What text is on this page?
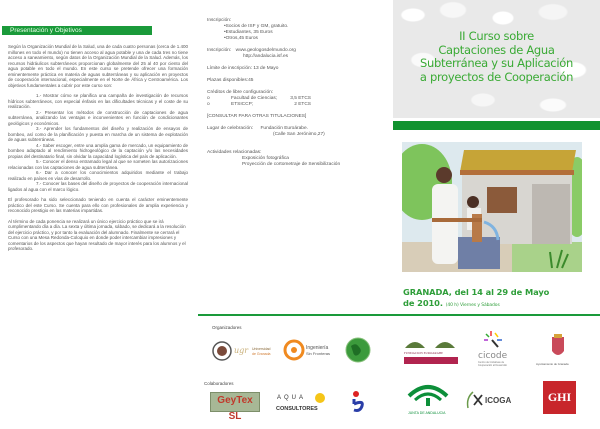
Presentación y Objetivos

Según la Organización Mundial de la Salud, una de cada cuatro personas (cerca de 1.400 millones en todo el mundo) no tienen acceso al agua potable y una de cada tres no tiene acceso a saneamiento, según datos de la Organización Mundial de la Salud. Además, los recursos hidráulicos subterráneos proporcionan globalmente del 25 al 40 por ciento del agua potable en todo el mundo. En este curso se pretende ofrecer una formación eminentemente práctica en materia de aguas subterráneas y su aplicación en proyectos de cooperación internacional, especialmente en el Norte de África y Centroamérica. Los objetivos fundamentales a cubrir por este curso son:

1.- Mostrar cómo se planifica una campaña de investigación de recursos hídricos subterráneos, con especial énfasis en las dificultades técnicas y el coste de su realización.

2.- Presentar los métodos de construcción de captaciones de agua subterránea, analizando las ventajas e inconvenientes en función de condicionantes geológicos y económicos.

3.- Aprender los fundamentos del diseño y realización de ensayos de bombeo, así como de la planificación y puesta en marcha de un sistema de explotación de aguas subterráneas.

4.- Saber escoger, entre una amplia gama de mercado, un equipamiento de bombeo adaptado al rendimiento hidrogeológico de la captación y/o las necesidades propias del destinatario final, sin olvidar la capacidad logística del país de aplicación.

5.- Conocer el denso entramado legal al que se someten las autorizaciones relacionadas con las captaciones de agua subterránea.

6.- Dar a conocer los conocimientos adquiridos mediante el trabajo realizado en países en vías de desarrollo.

7.- Conocer las bases del diseño de proyectos de cooperación internacional ligados al agua con el marco lógico.

El profesorado ha sido seleccionado teniendo en cuenta el carácter eminentemente práctico del este Curso. Se cuenta para ello con profesionales de amplia experiencia y reconocido prestigio en las materias impartidas.

Al término de cada ponencia se realizará un único ejercicio práctico que se irá cumplimentando día a día. La sexta y última jornada, sábado, se dedicará a la resolución del ejercicio práctico, y por tanto la evaluación del alumnado. Finalmente se cerrará el Curso con una Mesa Redonda-Coloquio en donde poder intercambiar impresiones y comentarios de los aspectos que hayan resultado de mayor interés para los alumnos y el profesorado.

Inscripción:
•Socios de ISF y GM, gratuito.
•Estudiantes, 35 Euros
•Otros,45 Euros
Inscripción: www.geologosdelmundo.org
http://andalucia.isf.es
Límite de inscripción: 13 de Mayo
Plazas disponibles:45
Créditos de libre configuración:
o	Facultad de Ciencias;	3,5 ETCS
o	ETSICCP;	2 ETCS
[CONSULTAR PARA OTRAS TITULACIONES]
Lugar de celebración: Fundación Euroárabe.
(Calle San Jerónimo,27)
Actividades relacionadas:
Exposición fotográfica
Proyección de cortometraje de Sensibilización
II Curso sobre
Captaciones de Agua
Subterránea y su Aplicación
a proyectos de Cooperación
GRANADA, del 14 al 29 de Mayo
de 2010. (40 h) Viernes y Sábados
Organizadores
Colaboradores
ugr	Universidad
de Granada
Ingeniería
Sin Fronteras	FUNDACION EUROARABE	cicode
Centro de Iniciativas de
Cooperación al Desarrollo	Ayuntamiento de Granada
GeyTex SL
AQUA
CONSULTORES
JUNTA DE ANDALUCIA
ICOGA	GHI
